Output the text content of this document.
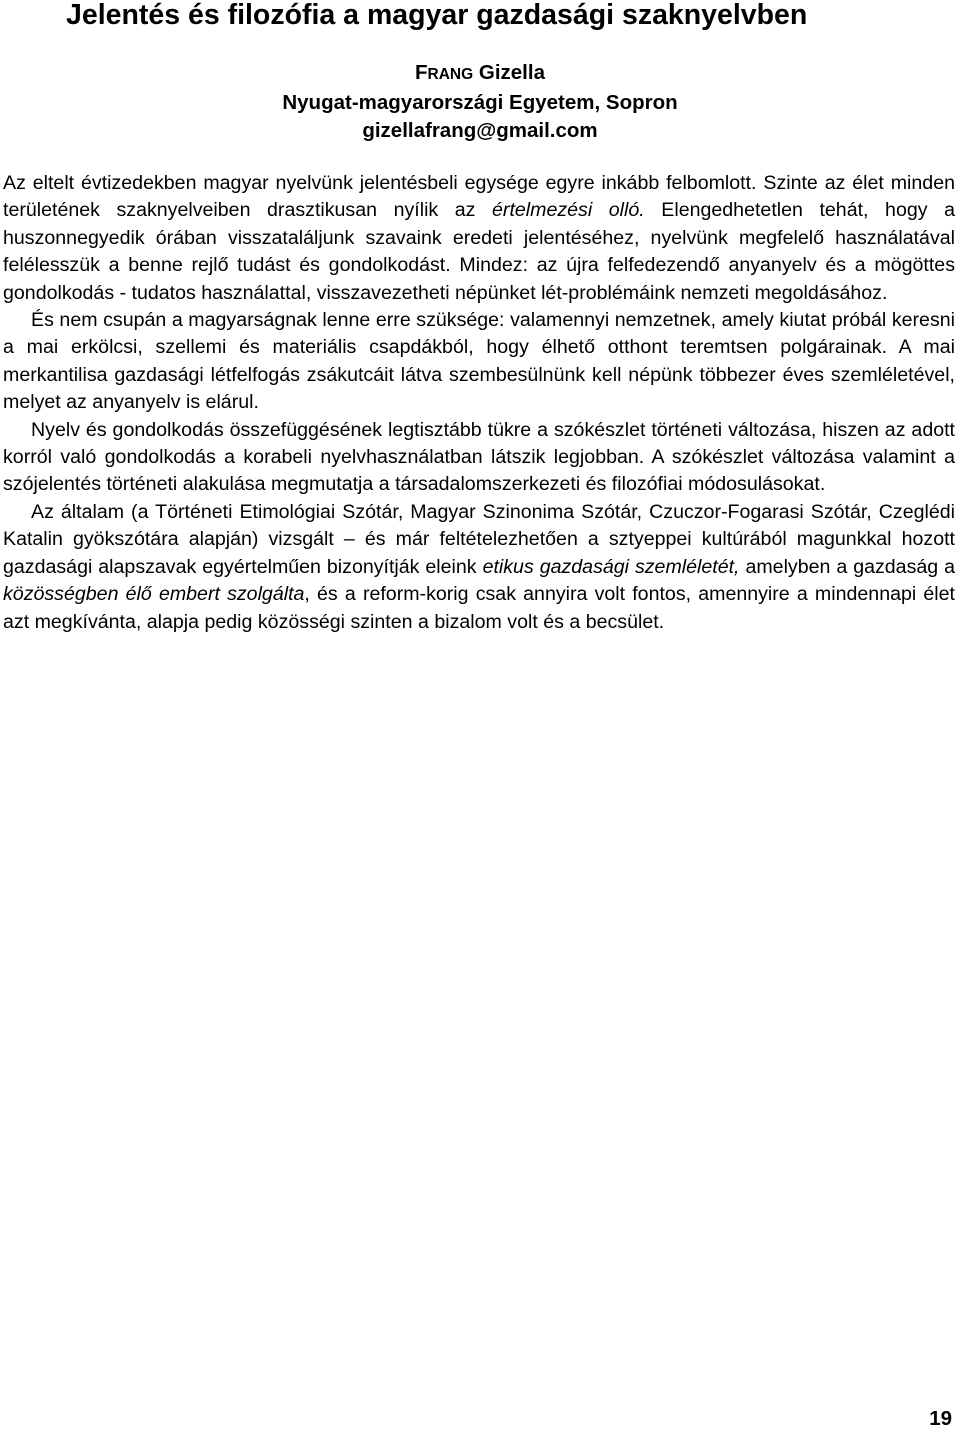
Jelentés és filozófia a magyar gazdasági szaknyelvben
FRANG Gizella
Nyugat-magyarországi Egyetem, Sopron
gizellafrang@gmail.com

Az eltelt évtizedekben magyar nyelvünk jelentésbeli egysége egyre inkább felbomlott. Szinte az élet minden területének szaknyelveiben drasztikusan nyílik az értelmezési olló. Elengedhetetlen tehát, hogy a huszonnegyedik órában visszataláljunk szavaink eredeti jelentéséhez, nyelvünk megfelelő használatával felélesszük a benne rejlő tudást és gondolkodást. Mindez: az újra felfedezendő anyanyelv és a mögöttes gondolkodás - tudatos használattal, visszavezetheti népünket lét-problémáink nemzeti megoldásához.

És nem csupán a magyarságnak lenne erre szüksége: valamennyi nemzetnek, amely kiutat próbál keresni a mai erkölcsi, szellemi és materiális csapdákból, hogy élhető otthont teremtsen polgárainak. A mai merkantilisa gazdasági létfelfogás zsákutcáit látva szembesülnünk kell népünk többezer éves szemléletével, melyet az anyanyelv is elárul.

Nyelv és gondolkodás összefüggésének legtisztább tükre a szókészlet történeti változása, hiszen az adott korról való gondolkodás a korabeli nyelvhasználatban látszik legjobban. A szókészlet változása valamint a szójelentés történeti alakulása megmutatja a társadalomszerkezeti és filozófiai módosulásokat.

Az általam (a Történeti Etimológiai Szótár, Magyar Szinonima Szótár, Czuczor-Fogarasi Szótár, Czeglédi Katalin gyökszótára alapján) vizsgált – és már feltételezhetően a sztyeppei kultúrából magunkkal hozott gazdasági alapszavak egyértelműen bizonyítják eleink etikus gazdasági szemléletét, amelyben a gazdaság a közösségben élő embert szolgálta, és a reform-korig csak annyira volt fontos, amennyire a mindennapi élet azt megkívánta, alapja pedig közösségi szinten a bizalom volt és a becsület.

19
